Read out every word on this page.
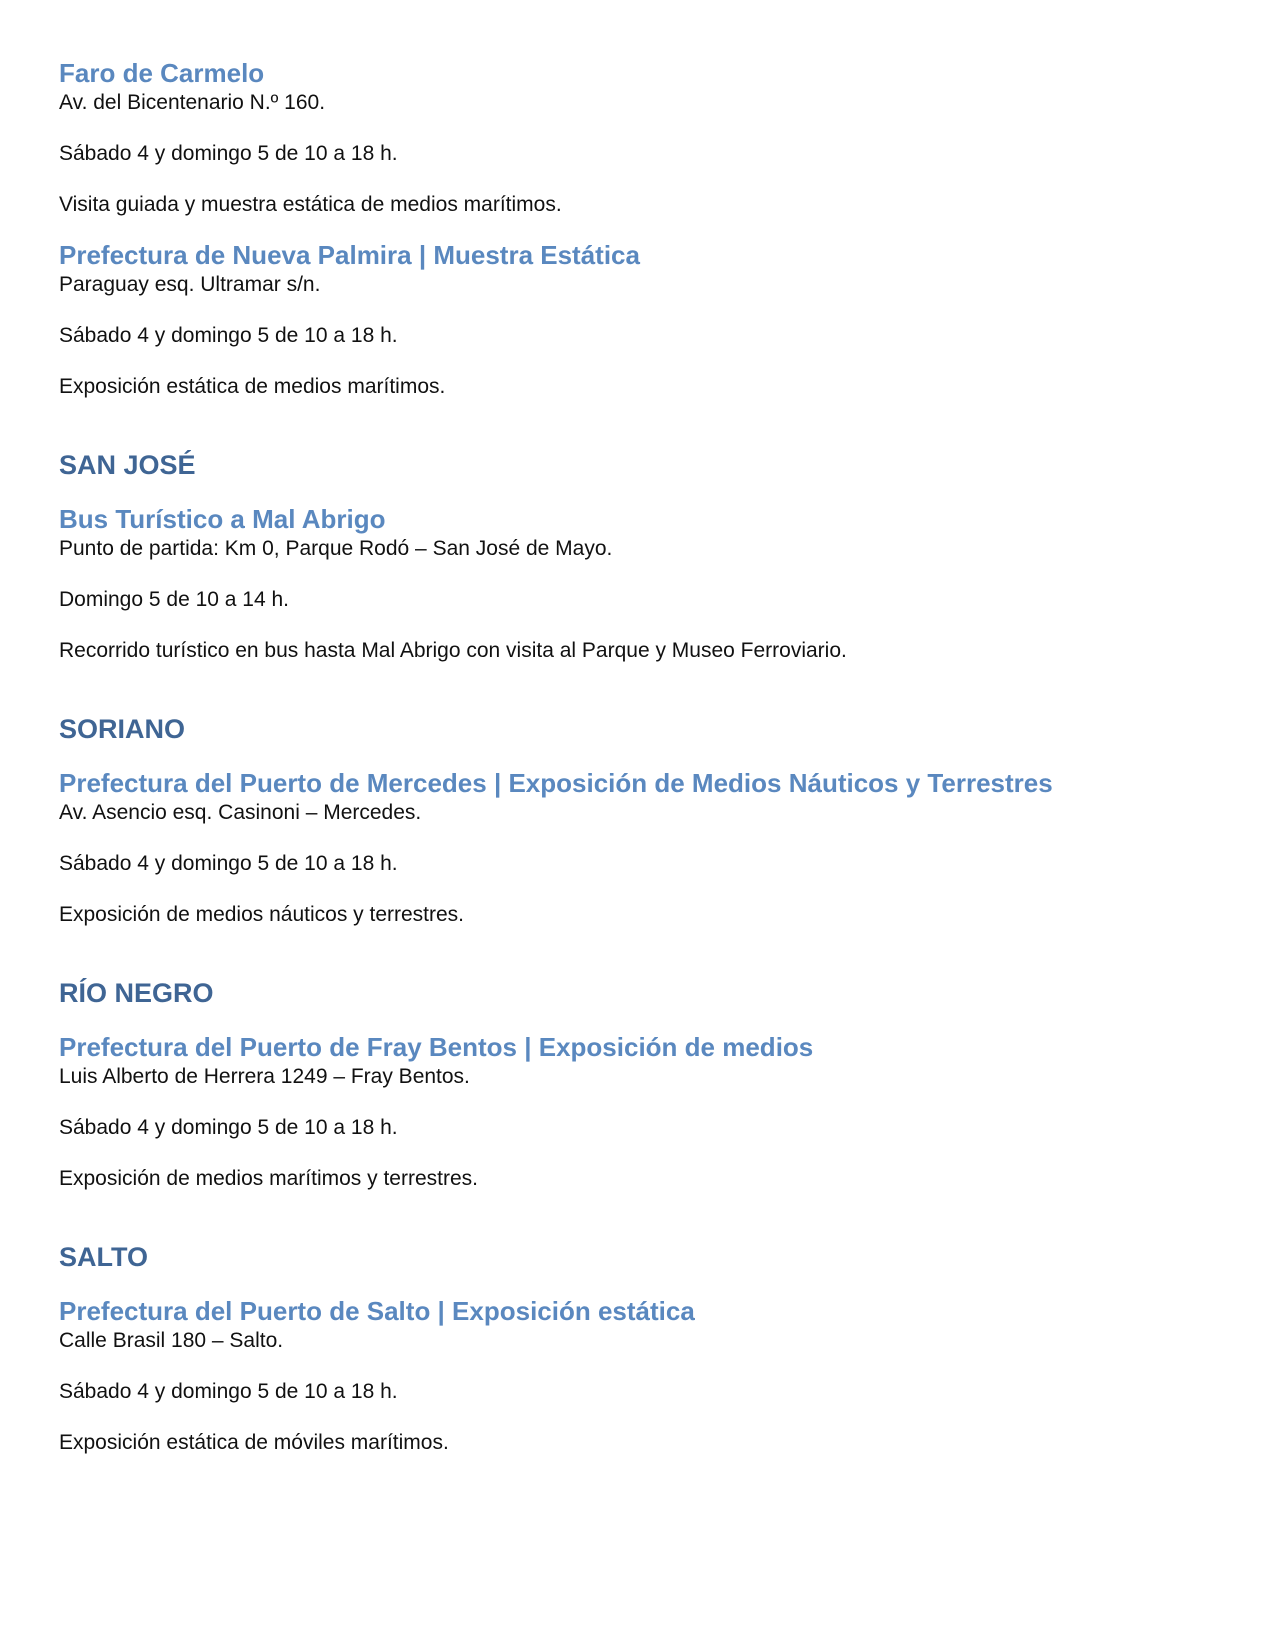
Faro de Carmelo

Av. del Bicentenario N.º 160.

Sábado 4 y domingo 5 de 10 a 18 h.

Visita guiada y muestra estática de medios marítimos.

Prefectura de Nueva Palmira | Muestra Estática

Paraguay esq. Ultramar s/n.

Sábado 4 y domingo 5 de 10 a 18 h.

Exposición estática de medios marítimos.

SAN JOSÉ
Bus Turístico a Mal Abrigo

Punto de partida: Km 0, Parque Rodó – San José de Mayo.

Domingo 5 de 10 a 14 h.

Recorrido turístico en bus hasta Mal Abrigo con visita al Parque y Museo Ferroviario.

SORIANO
Prefectura del Puerto de Mercedes | Exposición de Medios Náuticos y Terrestres

Av. Asencio esq. Casinoni – Mercedes.

Sábado 4 y domingo 5 de 10 a 18 h.

Exposición de medios náuticos y terrestres.

RÍO NEGRO
Prefectura del Puerto de Fray Bentos | Exposición de medios

Luis Alberto de Herrera 1249 – Fray Bentos.

Sábado 4 y domingo 5 de 10 a 18 h.

Exposición de medios marítimos y terrestres.

SALTO
Prefectura del Puerto de Salto | Exposición estática

Calle Brasil 180 – Salto.

Sábado 4 y domingo 5 de 10 a 18 h.

Exposición estática de móviles marítimos.
